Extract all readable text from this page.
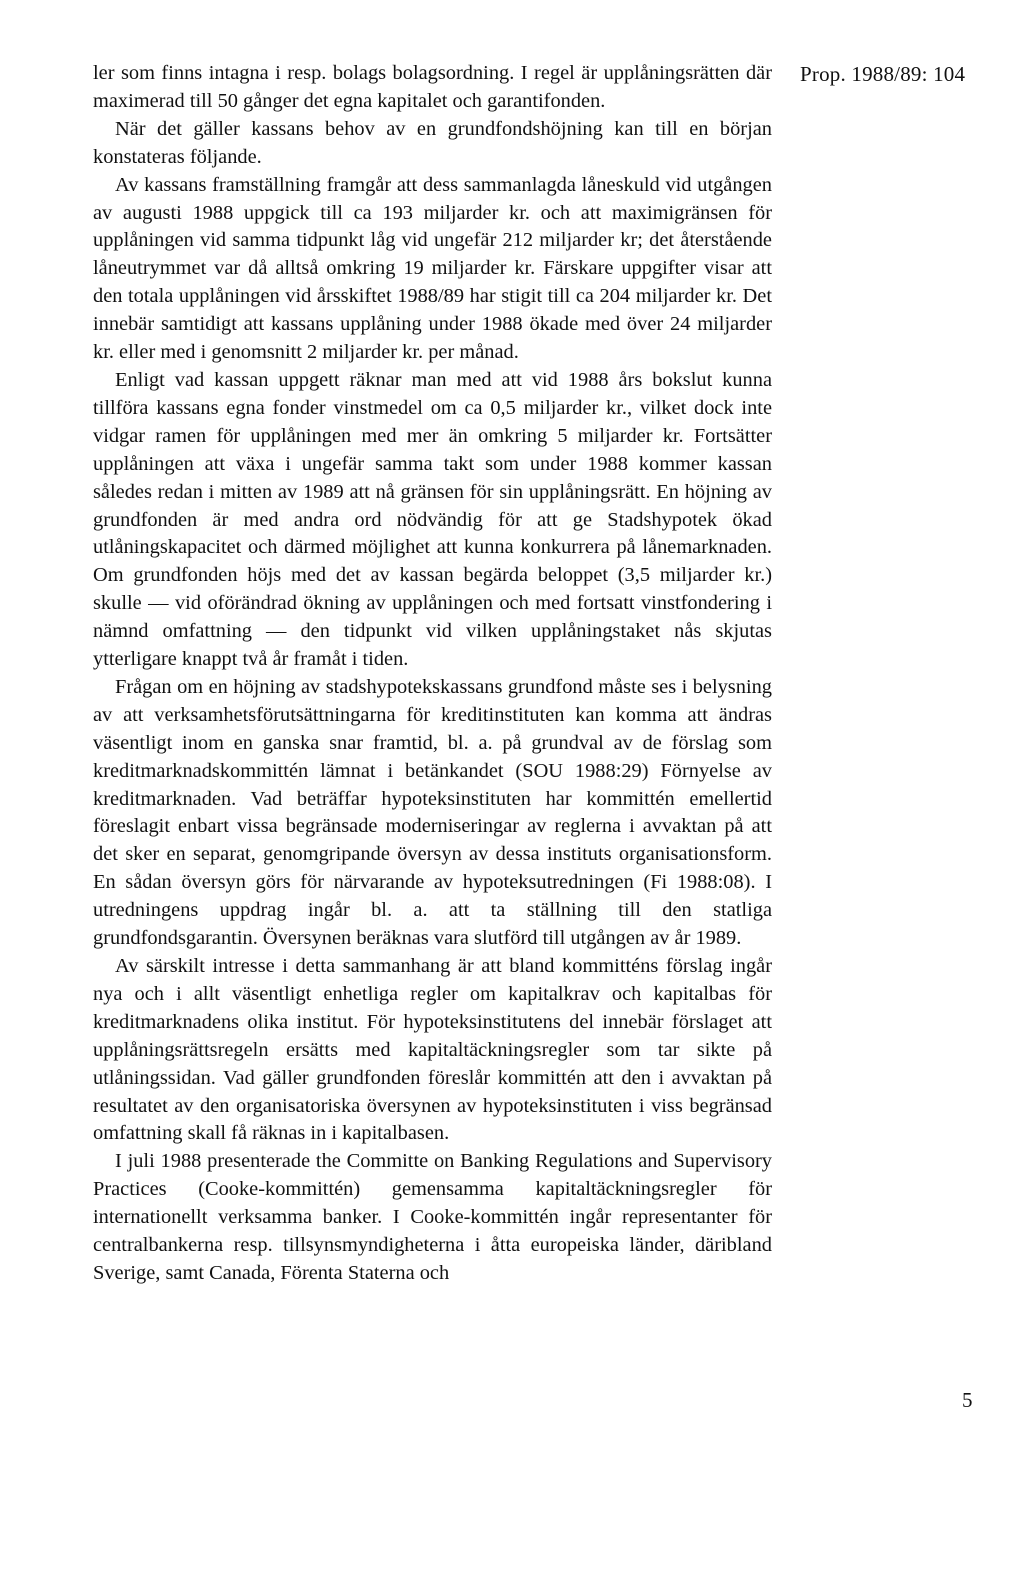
Prop. 1988/89: 104

ler som finns intagna i resp. bolags bolagsordning. I regel är upplåningsrätten där maximerad till 50 gånger det egna kapitalet och garantifonden.

När det gäller kassans behov av en grundfondshöjning kan till en början konstateras följande.

Av kassans framställning framgår att dess sammanlagda låneskuld vid utgången av augusti 1988 uppgick till ca 193 miljarder kr. och att maximigränsen för upplåningen vid samma tidpunkt låg vid ungefär 212 miljarder kr; det återstående låneutrymmet var då alltså omkring 19 miljarder kr. Färskare uppgifter visar att den totala upplåningen vid årsskiftet 1988/89 har stigit till ca 204 miljarder kr. Det innebär samtidigt att kassans upplåning under 1988 ökade med över 24 miljarder kr. eller med i genomsnitt 2 miljarder kr. per månad.

Enligt vad kassan uppgett räknar man med att vid 1988 års bokslut kunna tillföra kassans egna fonder vinstmedel om ca 0,5 miljarder kr., vilket dock inte vidgar ramen för upplåningen med mer än omkring 5 miljarder kr. Fortsätter upplåningen att växa i ungefär samma takt som under 1988 kommer kassan således redan i mitten av 1989 att nå gränsen för sin upplåningsrätt. En höjning av grundfonden är med andra ord nödvändig för att ge Stadshypotek ökad utlåningskapacitet och därmed möjlighet att kunna konkurrera på lånemarknaden. Om grundfonden höjs med det av kassan begärda beloppet (3,5 miljarder kr.) skulle — vid oförändrad ökning av upplåningen och med fortsatt vinstfondering i nämnd omfattning — den tidpunkt vid vilken upplåningstaket nås skjutas ytterligare knappt två år framåt i tiden.

Frågan om en höjning av stadshypotekskassans grundfond måste ses i belysning av att verksamhetsförutsättningarna för kreditinstituten kan komma att ändras väsentligt inom en ganska snar framtid, bl. a. på grundval av de förslag som kreditmarknadskommittén lämnat i betänkandet (SOU 1988:29) Förnyelse av kreditmarknaden. Vad beträffar hypoteksinstituten har kommittén emellertid föreslagit enbart vissa begränsade moderniseringar av reglerna i avvaktan på att det sker en separat, genomgripande översyn av dessa instituts organisationsform. En sådan översyn görs för närvarande av hypoteksutredningen (Fi 1988:08). I utredningens uppdrag ingår bl. a. att ta ställning till den statliga grundfondsgarantin. Översynen beräknas vara slutförd till utgången av år 1989.

Av särskilt intresse i detta sammanhang är att bland kommitténs förslag ingår nya och i allt väsentligt enhetliga regler om kapitalkrav och kapitalbas för kreditmarknadens olika institut. För hypoteksinstitutens del innebär förslaget att upplåningsrättsregeln ersätts med kapitaltäckningsregler som tar sikte på utlåningssidan. Vad gäller grundfonden föreslår kommittén att den i avvaktan på resultatet av den organisatoriska översynen av hypoteksinstituten i viss begränsad omfattning skall få räknas in i kapitalbasen.

I juli 1988 presenterade the Committe on Banking Regulations and Supervisory Practices (Cooke-kommittén) gemensamma kapitaltäckningsregler för internationellt verksamma banker. I Cooke-kommittén ingår representanter för centralbankerna resp. tillsynsmyndigheterna i åtta europeiska länder, däribland Sverige, samt Canada, Förenta Staterna och

5
